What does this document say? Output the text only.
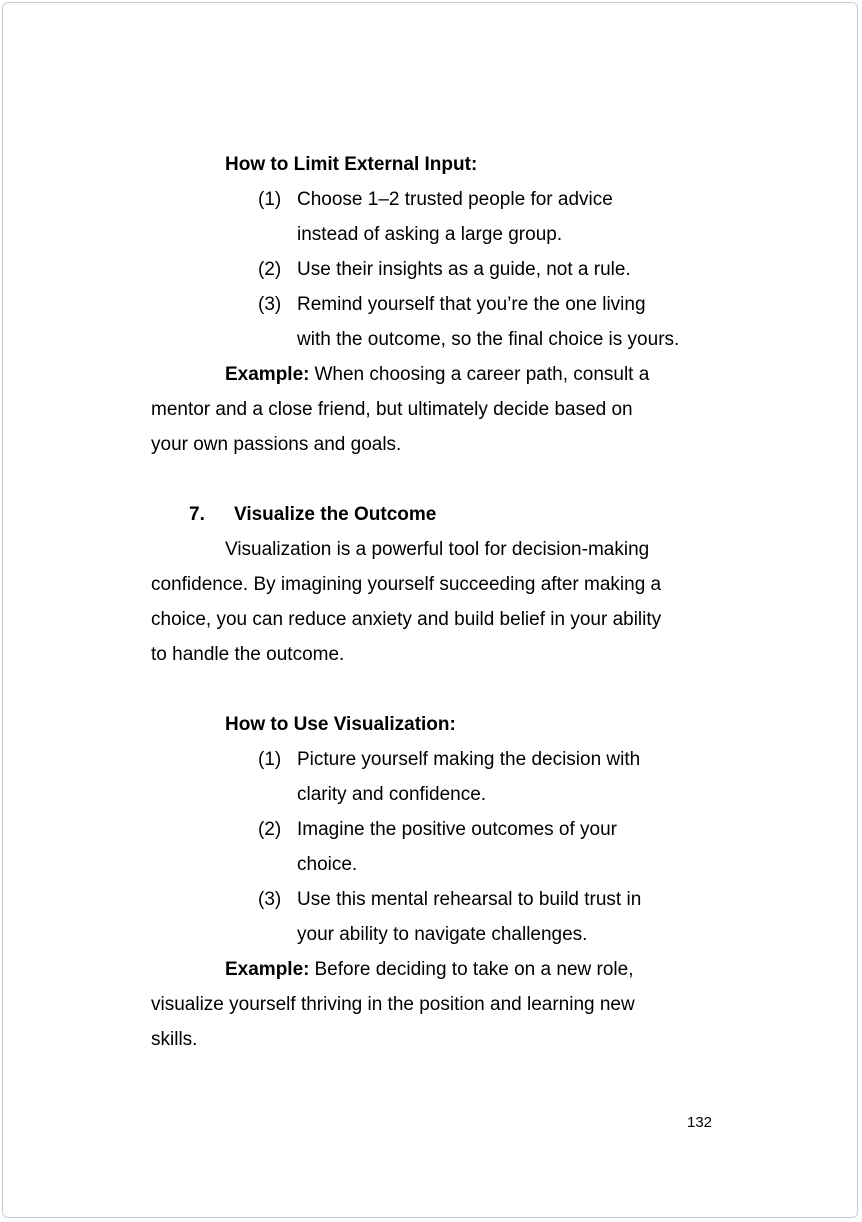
How to Limit External Input:
(1) Choose 1–2 trusted people for advice
instead of asking a large group.
(2) Use their insights as a guide, not a rule.
(3) Remind yourself that you’re the one living
with the outcome, so the final choice is yours.
Example: When choosing a career path, consult a
mentor and a close friend, but ultimately decide based on
your own passions and goals.
7. Visualize the Outcome
Visualization is a powerful tool for decision-making
confidence. By imagining yourself succeeding after making a
choice, you can reduce anxiety and build belief in your ability
to handle the outcome.
How to Use Visualization:
(1) Picture yourself making the decision with
clarity and confidence.
(2) Imagine the positive outcomes of your
choice.
(3) Use this mental rehearsal to build trust in
your ability to navigate challenges.
Example: Before deciding to take on a new role,
visualize yourself thriving in the position and learning new
skills.
132
